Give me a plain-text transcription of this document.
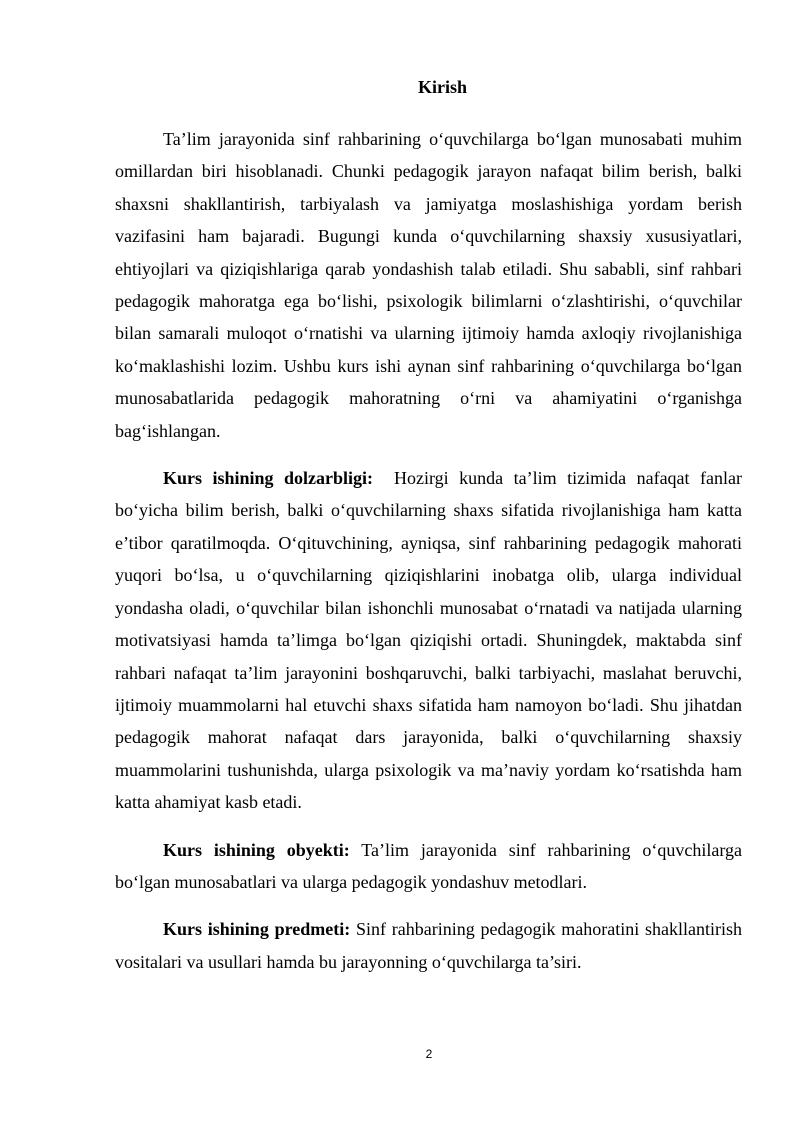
Kirish

Ta’lim jarayonida sinf rahbarining o‘quvchilarga bo‘lgan munosabati muhim omillardan biri hisoblanadi. Chunki pedagogik jarayon nafaqat bilim berish, balki shaxsni shakllantirish, tarbiyalash va jamiyatga moslashishiga yordam berish vazifasini ham bajaradi. Bugungi kunda o‘quvchilarning shaxsiy xususiyatlari, ehtiyojlari va qiziqishlariga qarab yondashish talab etiladi. Shu sababli, sinf rahbari pedagogik mahoratga ega bo‘lishi, psixologik bilimlarni o‘zlashtirishi, o‘quvchilar bilan samarali muloqot o‘rnatishi va ularning ijtimoiy hamda axloqiy rivojlanishiga ko‘maklashishi lozim. Ushbu kurs ishi aynan sinf rahbarining o‘quvchilarga bo‘lgan munosabatlarida pedagogik mahoratning o‘rni va ahamiyatini o‘rganishga bag‘ishlangan.

Kurs ishining dolzarbligi: Hozirgi kunda ta’lim tizimida nafaqat fanlar bo‘yicha bilim berish, balki o‘quvchilarning shaxs sifatida rivojlanishiga ham katta e’tibor qaratilmoqda. O‘qituvchining, ayniqsa, sinf rahbarining pedagogik mahorati yuqori bo‘lsa, u o‘quvchilarning qiziqishlarini inobatga olib, ularga individual yondasha oladi, o‘quvchilar bilan ishonchli munosabat o‘rnatadi va natijada ularning motivatsiyasi hamda ta’limga bo‘lgan qiziqishi ortadi. Shuningdek, maktabda sinf rahbari nafaqat ta’lim jarayonini boshqaruvchi, balki tarbiyachi, maslahat beruvchi, ijtimoiy muammolarni hal etuvchi shaxs sifatida ham namoyon bo‘ladi. Shu jihatdan pedagogik mahorat nafaqat dars jarayonida, balki o‘quvchilarning shaxsiy muammolarini tushunishda, ularga psixologik va ma’naviy yordam ko‘rsatishda ham katta ahamiyat kasb etadi.

Kurs ishining obyekti: Ta’lim jarayonida sinf rahbarining o‘quvchilarga bo‘lgan munosabatlari va ularga pedagogik yondashuv metodlari.

Kurs ishining predmeti: Sinf rahbarining pedagogik mahoratini shakllantirish vositalari va usullari hamda bu jarayonning o‘quvchilarga ta’siri.

2
